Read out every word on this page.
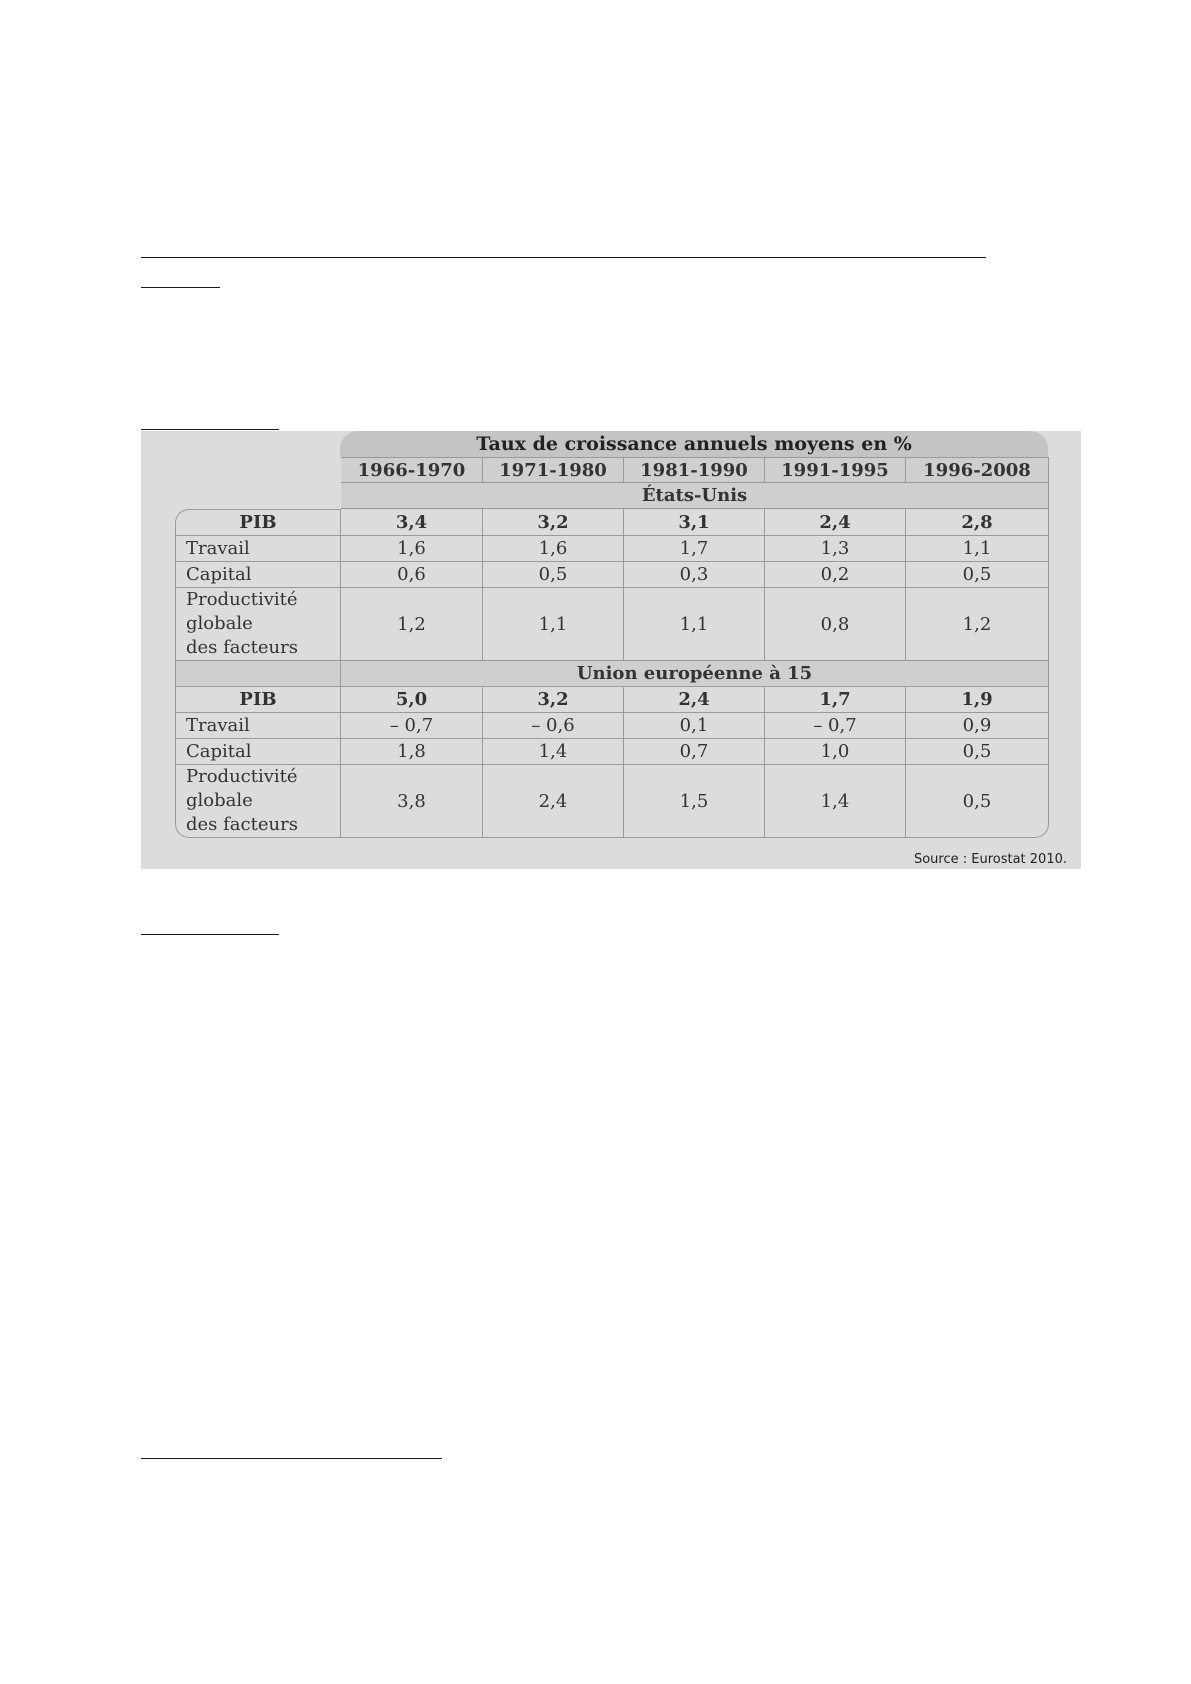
Taux de croissance annuels moyens en %
	1966-1970	1971-1980	1981-1990	1991-1995	1996-2008
	États-Unis				
PIB	3,4	3,2	3,1	2,4	2,8
Travail	1,6	1,6	1,7	1,3	1,1
Capital	0,6	0,5	0,3	0,2	0,5
Productivité
globale
des facteurs	1,2	1,1	1,1	0,8	1,2
	Union européenne à 15				
PIB	5,0	3,2	2,4	1,7	1,9
Travail	– 0,7	– 0,6	0,1	– 0,7	0,9
Capital	1,8	1,4	0,7	1,0	0,5
Productivité
globale
des facteurs	3,8	2,4	1,5	1,4	0,5
Source : Eurostat 2010.
